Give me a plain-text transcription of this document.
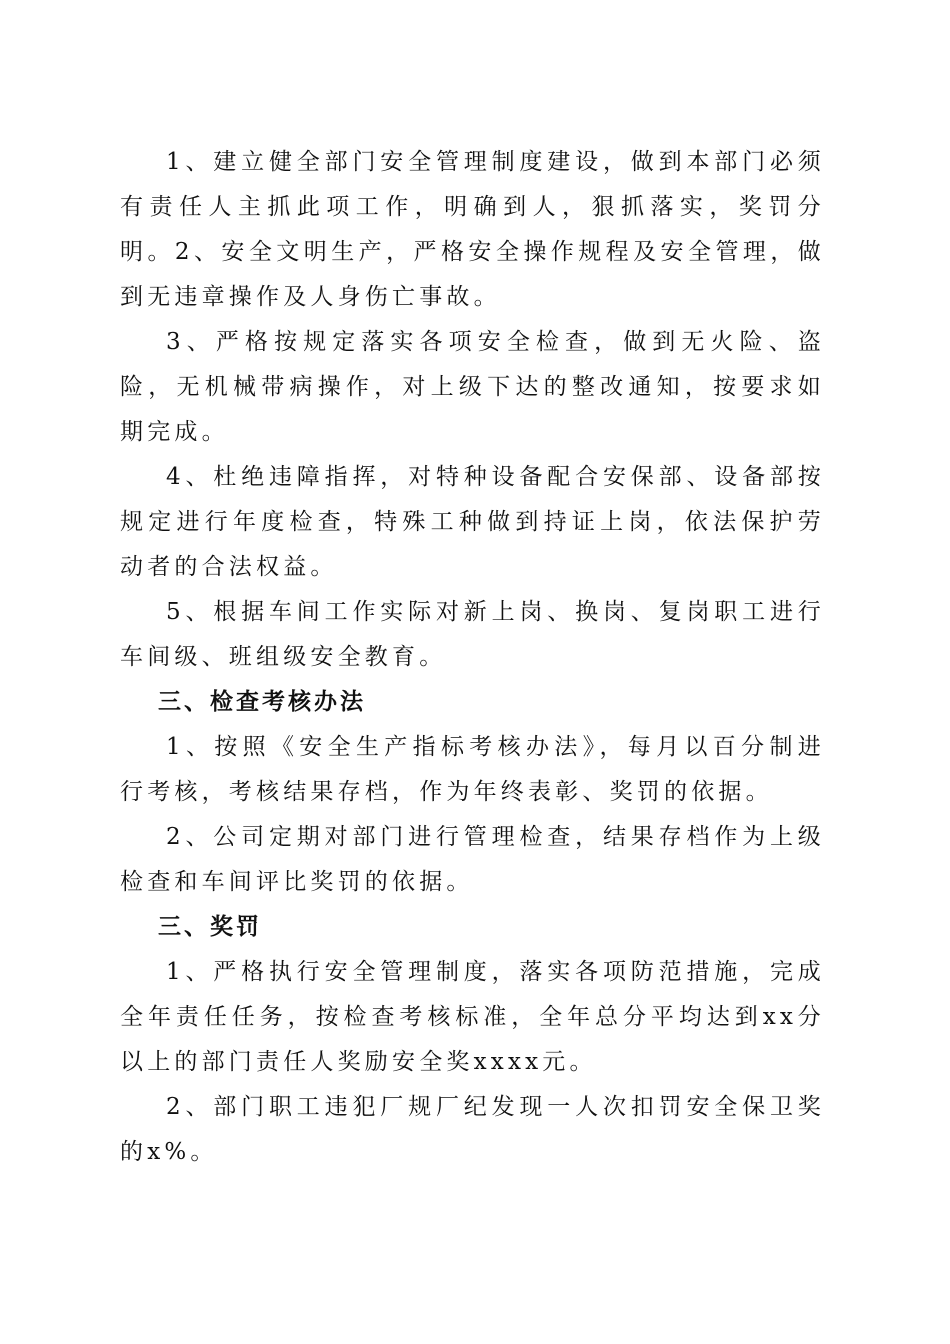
1、建立健全部门安全管理制度建设，做到本部门必须有责任人主抓此项工作，明确到人，狠抓落实，奖罚分明。2、安全文明生产，严格安全操作规程及安全管理，做到无违章操作及人身伤亡事故。

3、严格按规定落实各项安全检查，做到无火险、盗险，无机械带病操作，对上级下达的整改通知，按要求如期完成。

4、杜绝违障指挥，对特种设备配合安保部、设备部按规定进行年度检查，特殊工种做到持证上岗，依法保护劳动者的合法权益。

5、根据车间工作实际对新上岗、换岗、复岗职工进行车间级、班组级安全教育。

三、检查考核办法

1、按照《安全生产指标考核办法》，每月以百分制进行考核，考核结果存档，作为年终表彰、奖罚的依据。

2、公司定期对部门进行管理检查，结果存档作为上级检查和车间评比奖罚的依据。

三、奖罚

1、严格执行安全管理制度，落实各项防范措施，完成全年责任任务，按检查考核标准，全年总分平均达到xx分以上的部门责任人奖励安全奖xxxx元。

2、部门职工违犯厂规厂纪发现一人次扣罚安全保卫奖的x%。
